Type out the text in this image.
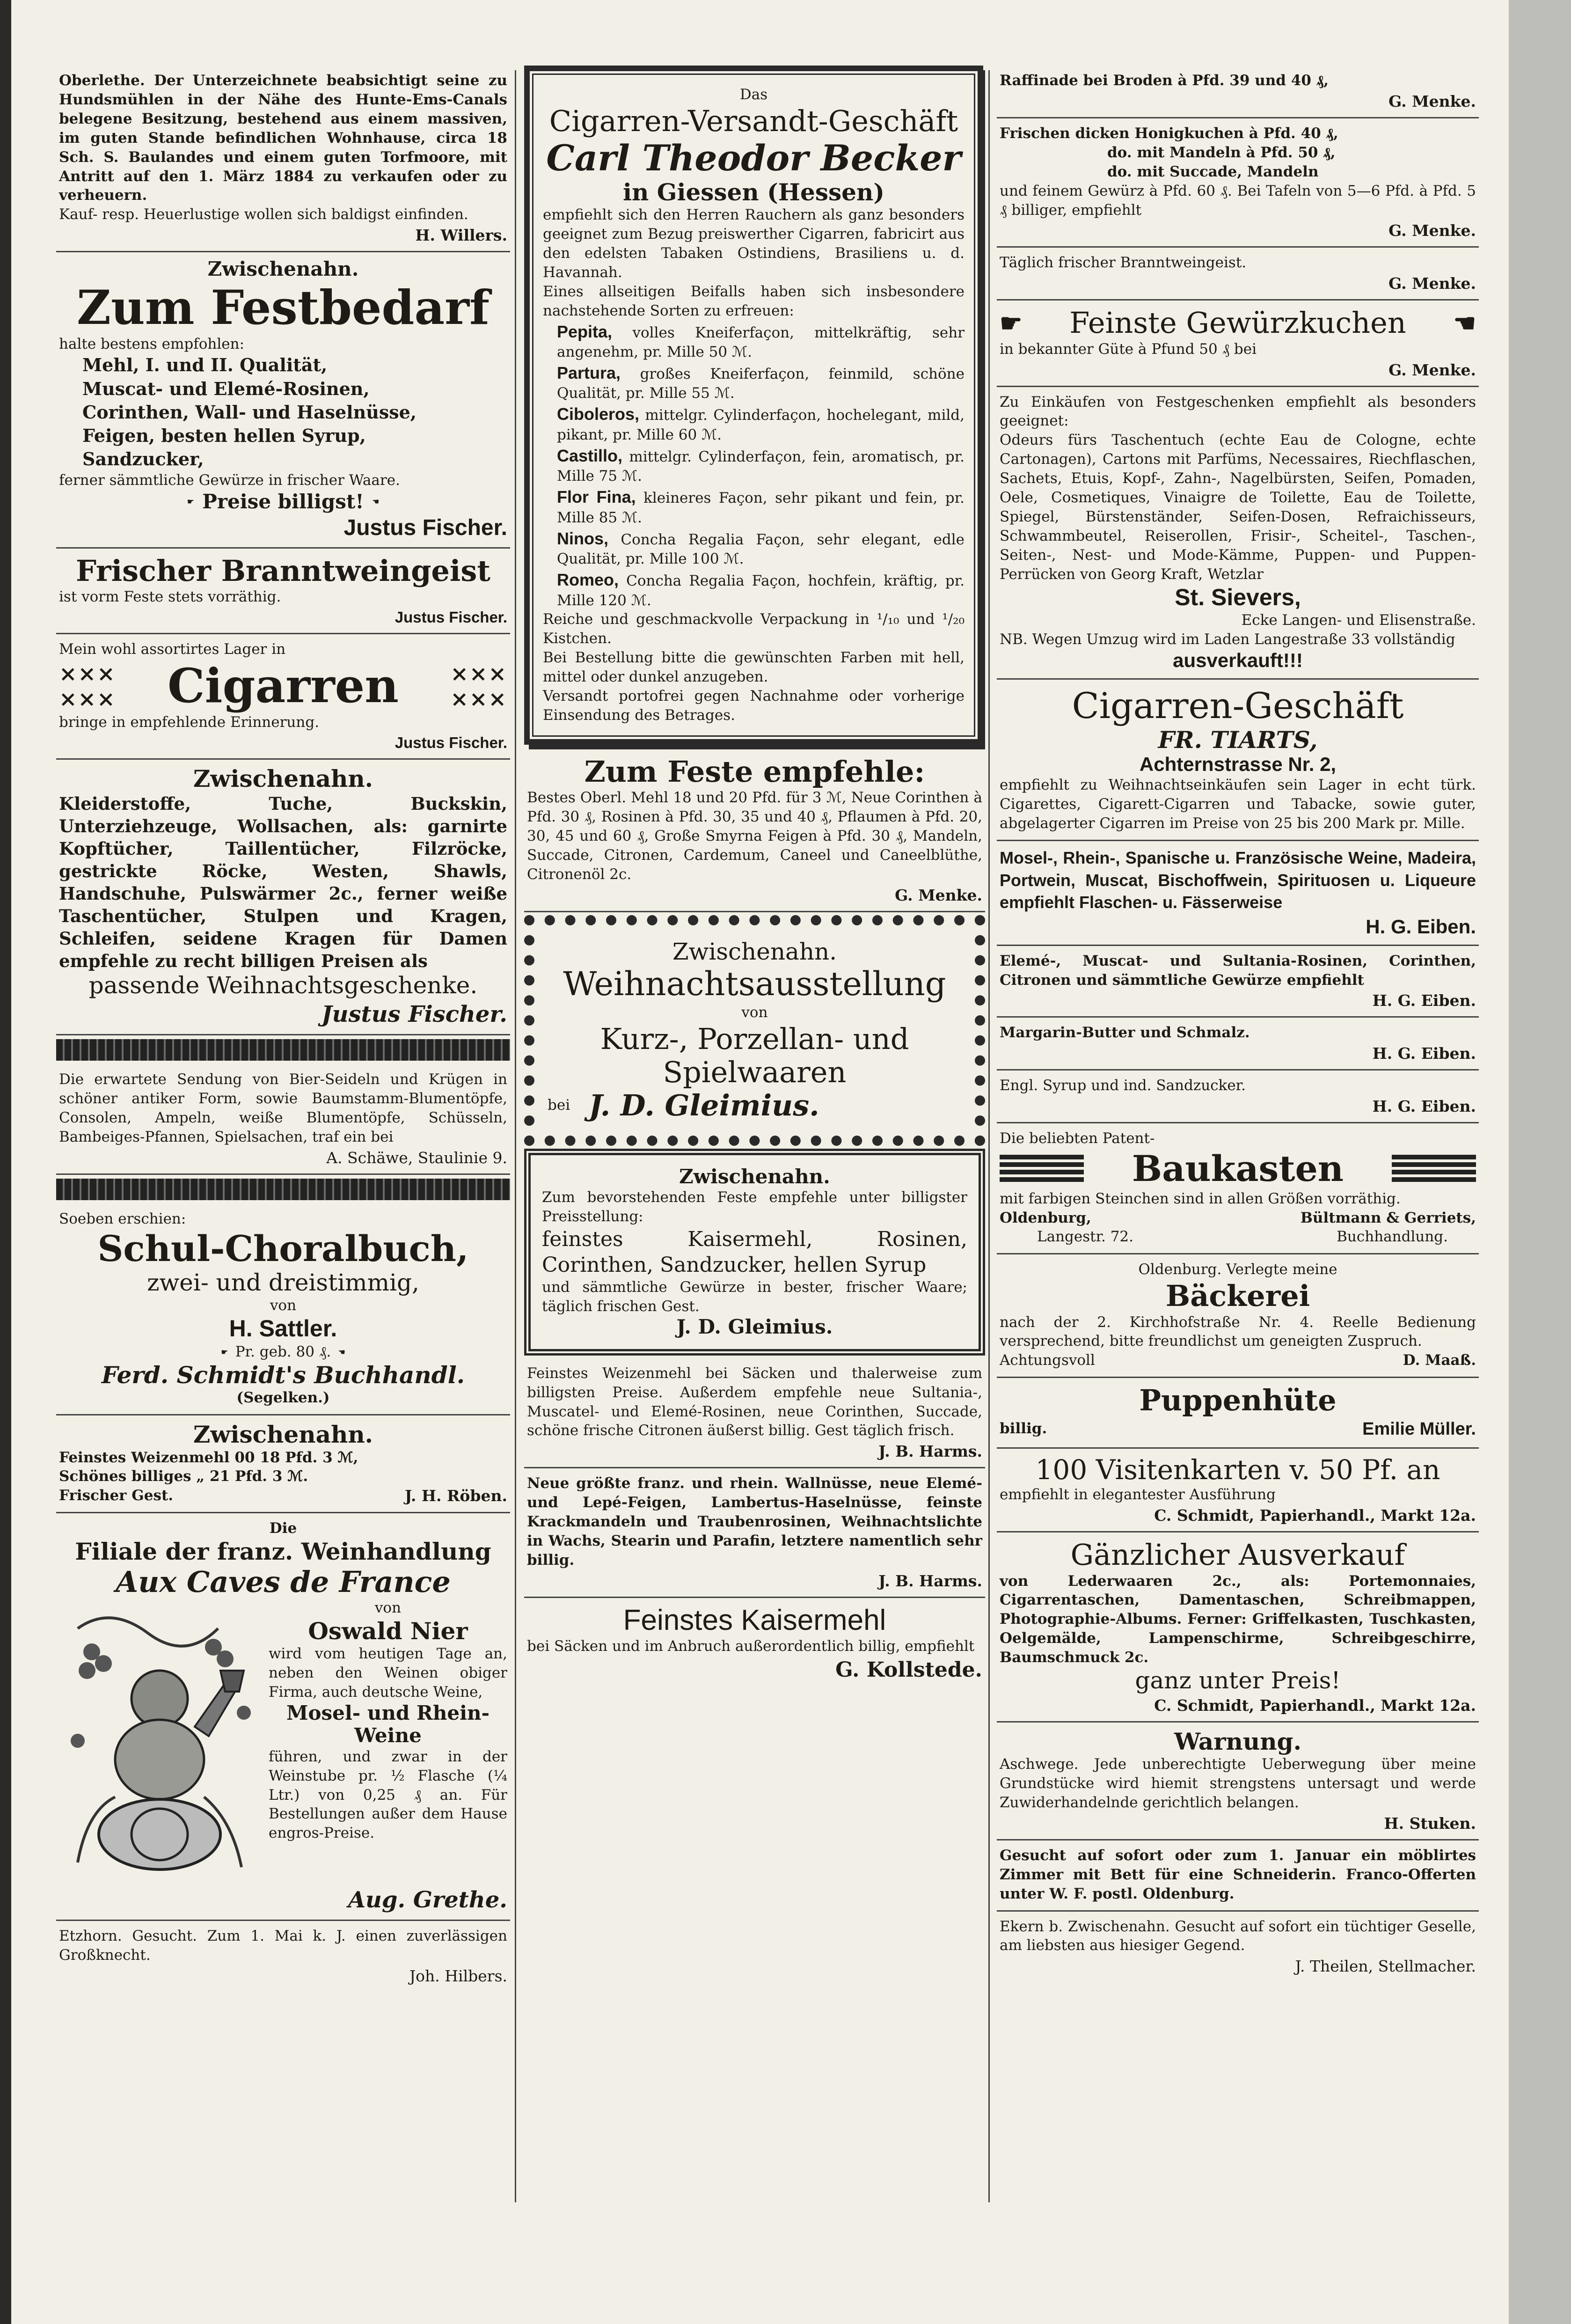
Oberlethe. Der Unterzeichnete beabsichtigt seine zu Hundsmühlen in der Nähe des Hunte-Ems-Canals belegene Besitzung, bestehend aus einem massiven, im guten Stande befindlichen Wohnhause, circa 18 Sch. S. Baulandes und einem guten Torfmoore, mit Antritt auf den 1. März 1884 zu verkaufen oder zu verheuern.

Kauf- resp. Heuerlustige wollen sich baldigst einfinden.

H. Willers.

Zwischenahn.

Zum Festbedarf

halte bestens empfohlen:

Mehl, I. und II. Qualität,

Muscat- und Elemé-Rosinen,

Corinthen, Wall- und Haselnüsse,

Feigen, besten hellen Syrup,

Sandzucker,

ferner sämmtliche Gewürze in frischer Waare.

☛ Preise billigst! ☚

Justus Fischer.

Frischer Branntweingeist

ist vorm Feste stets vorräthig.

Justus Fischer.

Mein wohl assortirtes Lager in

×××
××× Cigarren ×××
×××

bringe in empfehlende Erinnerung.

Justus Fischer.

Zwischenahn.

Kleiderstoffe, Tuche, Buckskin, Unterziehzeuge, Wollsachen, als: garnirte Kopftücher, Taillentücher, Filzröcke, gestrickte Röcke, Westen, Shawls, Handschuhe, Pulswärmer 2c., ferner weiße Taschentücher, Stulpen und Kragen, Schleifen, seidene Kragen für Damen empfehle zu recht billigen Preisen als

passende Weihnachtsgeschenke.

Justus Fischer.

Die erwartete Sendung von Bier-Seideln und Krügen in schöner antiker Form, sowie Baumstamm-Blumentöpfe, Consolen, Ampeln, weiße Blumentöpfe, Schüsseln, Bambeiges-Pfannen, Spielsachen, traf ein bei

A. Schäwe, Staulinie 9.

Soeben erschien:

Schul-Choralbuch,

zwei- und dreistimmig,

von

H. Sattler.

☛ Pr. geb. 80 ₰. ☚

Ferd. Schmidt's Buchhandl.

(Segelken.)

Zwischenahn.

Feinstes Weizenmehl 00 18 Pfd. 3 ℳ,

Schönes billiges „ 21 Pfd. 3 ℳ.

Frischer Gest.	J. H. Röben.

Die

Filiale der franz. Weinhandlung

Aux Caves de France

von

Oswald Nier

wird vom heutigen Tage an, neben den Weinen obiger Firma, auch deutsche Weine,

Mosel- und Rhein-Weine

führen, und zwar in der Weinstube pr. ½ Flasche (¼ Ltr.) von 0,25 ₰ an. Für Bestellungen außer dem Hause engros-Preise.

Aug. Grethe.

Etzhorn. Gesucht. Zum 1. Mai k. J. einen zuverlässigen Großknecht.

Joh. Hilbers.

Das

Cigarren-Versandt-Geschäft

Carl Theodor Becker

in Giessen (Hessen)

empfiehlt sich den Herren Rauchern als ganz besonders geeignet zum Bezug preiswerther Cigarren, fabricirt aus den edelsten Tabaken Ostindiens, Brasiliens u. d. Havannah.

Eines allseitigen Beifalls haben sich insbesondere nachstehende Sorten zu erfreuen:

Pepita, volles Kneiferfaçon, mittelkräftig, sehr angenehm, pr. Mille 50 ℳ.

Partura, großes Kneiferfaçon, feinmild, schöne Qualität, pr. Mille 55 ℳ.

Ciboleros, mittelgr. Cylinderfaçon, hochelegant, mild, pikant, pr. Mille 60 ℳ.

Castillo, mittelgr. Cylinderfaçon, fein, aromatisch, pr. Mille 75 ℳ.

Flor Fina, kleineres Façon, sehr pikant und fein, pr. Mille 85 ℳ.

Ninos, Concha Regalia Façon, sehr elegant, edle Qualität, pr. Mille 100 ℳ.

Romeo, Concha Regalia Façon, hochfein, kräftig, pr. Mille 120 ℳ.

Reiche und geschmackvolle Verpackung in ¹/₁₀ und ¹/₂₀ Kistchen.

Bei Bestellung bitte die gewünschten Farben mit hell, mittel oder dunkel anzugeben.

Versandt portofrei gegen Nachnahme oder vorherige Einsendung des Betrages.

Zum Feste empfehle:

Bestes Oberl. Mehl 18 und 20 Pfd. für 3 ℳ, Neue Corinthen à Pfd. 30 ₰, Rosinen à Pfd. 30, 35 und 40 ₰, Pflaumen à Pfd. 20, 30, 45 und 60 ₰, Große Smyrna Feigen à Pfd. 30 ₰, Mandeln, Succade, Citronen, Cardemum, Caneel und Caneelblüthe, Citronenöl 2c.

G. Menke.

Zwischenahn.

Weihnachtsausstellung

von

Kurz-, Porzellan- und Spielwaaren

bei J. D. Gleimius.

Zwischenahn.

Zum bevorstehenden Feste empfehle unter billigster Preisstellung:

feinstes Kaisermehl, Rosinen, Corinthen, Sandzucker, hellen Syrup

und sämmtliche Gewürze in bester, frischer Waare; täglich frischen Gest.

J. D. Gleimius.

Feinstes Weizenmehl bei Säcken und thalerweise zum billigsten Preise. Außerdem empfehle neue Sultania-, Muscatel- und Elemé-Rosinen, neue Corinthen, Succade, schöne frische Citronen äußerst billig. Gest täglich frisch.

J. B. Harms.

Neue größte franz. und rhein. Wallnüsse, neue Elemé- und Lepé-Feigen, Lambertus-Haselnüsse, feinste Krackmandeln und Traubenrosinen, Weihnachtslichte in Wachs, Stearin und Parafin, letztere namentlich sehr billig.

J. B. Harms.

Feinstes Kaisermehl

bei Säcken und im Anbruch außerordentlich billig, empfiehlt

G. Kollstede.

Raffinade bei Broden à Pfd. 39 und 40 ₰,

G. Menke.

Frischen dicken Honigkuchen à Pfd. 40 ₰,

do. mit Mandeln à Pfd. 50 ₰,

do. mit Succade, Mandeln

und feinem Gewürz à Pfd. 60 ₰. Bei Tafeln von 5—6 Pfd. à Pfd. 5 ₰ billiger, empfiehlt

G. Menke.

Täglich frischer Branntweingeist.

G. Menke.

☛ Feinste Gewürzkuchen ☚

in bekannter Güte à Pfund 50 ₰ bei

G. Menke.

Zu Einkäufen von Festgeschenken empfiehlt als besonders geeignet:

Odeurs fürs Taschentuch (echte Eau de Cologne, echte Cartonagen), Cartons mit Parfüms, Necessaires, Riechflaschen, Sachets, Etuis, Kopf-, Zahn-, Nagelbürsten, Seifen, Pomaden, Oele, Cosmetiques, Vinaigre de Toilette, Eau de Toilette, Spiegel, Bürstenständer, Seifen-Dosen, Refraichisseurs, Schwammbeutel, Reiserollen, Frisir-, Scheitel-, Taschen-, Seiten-, Nest- und Mode-Kämme, Puppen- und Puppen-Perrücken von Georg Kraft, Wetzlar

St. Sievers,

Ecke Langen- und Elisenstraße.

NB. Wegen Umzug wird im Laden Langestraße 33 vollständig

ausverkauft!!!

Cigarren-Geschäft

FR. TIARTS,

Achternstrasse Nr. 2,

empfiehlt zu Weihnachtseinkäufen sein Lager in echt türk. Cigarettes, Cigarett-Cigarren und Tabacke, sowie guter, abgelagerter Cigarren im Preise von 25 bis 200 Mark pr. Mille.

Mosel-, Rhein-, Spanische u. Französische Weine, Madeira, Portwein, Muscat, Bischoffwein, Spirituosen u. Liqueure empfiehlt Flaschen- u. Fässerweise

H. G. Eiben.

Elemé-, Muscat- und Sultania-Rosinen, Corinthen, Citronen und sämmtliche Gewürze empfiehlt

H. G. Eiben.

Margarin-Butter und Schmalz.

H. G. Eiben.

Engl. Syrup und ind. Sandzucker.

H. G. Eiben.

Die beliebten Patent-

Baukasten

mit farbigen Steinchen sind in allen Größen vorräthig.

Oldenburg,	Bültmann & Gerriets,
Langestr. 72.	Buchhandlung.

Oldenburg. Verlegte meine

Bäckerei

nach der 2. Kirchhofstraße Nr. 4. Reelle Bedienung versprechend, bitte freundlichst um geneigten Zuspruch.

Achtungsvoll	D. Maaß.

Puppenhüte

billig.	Emilie Müller.

100 Visitenkarten v. 50 Pf. an

empfiehlt in elegantester Ausführung

C. Schmidt, Papierhandl., Markt 12a.

Gänzlicher Ausverkauf

von Lederwaaren 2c., als: Portemonnaies, Cigarrentaschen, Damentaschen, Schreibmappen, Photographie-Albums. Ferner: Griffelkasten, Tuschkasten, Oelgemälde, Lampenschirme, Schreibgeschirre, Baumschmuck 2c.

ganz unter Preis!

C. Schmidt, Papierhandl., Markt 12a.

Warnung.

Aschwege. Jede unberechtigte Ueberwegung über meine Grundstücke wird hiemit strengstens untersagt und werde Zuwiderhandelnde gerichtlich belangen.

H. Stuken.

Gesucht auf sofort oder zum 1. Januar ein möblirtes Zimmer mit Bett für eine Schneiderin. Franco-Offerten unter W. F. postl. Oldenburg.

Ekern b. Zwischenahn. Gesucht auf sofort ein tüchtiger Geselle, am liebsten aus hiesiger Gegend.

J. Theilen, Stellmacher.
